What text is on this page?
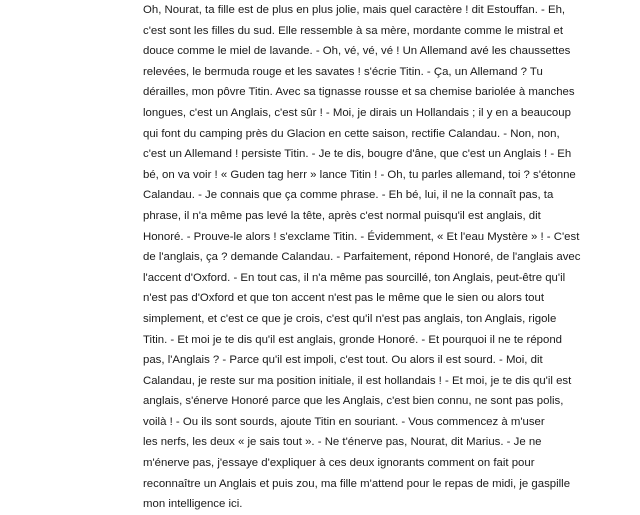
Oh, Nourat, ta fille est de plus en plus jolie, mais quel caractère ! dit Estouffan. - Eh,
c'est sont les filles du sud. Elle ressemble à sa mère, mordante comme le mistral et
douce comme le miel de lavande. - Oh, vé, vé, vé ! Un Allemand avé les chaussettes
relevées, le bermuda rouge et les savates ! s'écrie Titin. - Ça, un Allemand ? Tu
dérailles, mon pôvre Titin. Avec sa tignasse rousse et sa chemise bariolée à manches
longues, c'est un Anglais, c'est sûr ! - Moi, je dirais un Hollandais ; il y en a beaucoup
qui font du camping près du Glacion en cette saison, rectifie Calandau. - Non, non,
c'est un Allemand ! persiste Titin. - Je te dis, bougre d'âne, que c'est un Anglais ! - Eh
bé, on va voir ! « Guden tag herr » lance Titin ! - Oh, tu parles allemand, toi ? s'étonne
Calandau. - Je connais que ça comme phrase. - Eh bé, lui, il ne la connaît pas, ta
phrase, il n'a même pas levé la tête, après c'est normal puisqu'il est anglais, dit
Honoré. - Prouve-le alors ! s'exclame Titin. - Évidemment, « Et l'eau Mystère » ! - C'est
de l'anglais, ça ? demande Calandau. - Parfaitement, répond Honoré, de l'anglais avec
l'accent d'Oxford. - En tout cas, il n'a même pas sourcillé, ton Anglais, peut-être qu'il
n'est pas d'Oxford et que ton accent n'est pas le même que le sien ou alors tout
simplement, et c'est ce que je crois, c'est qu'il n'est pas anglais, ton Anglais, rigole
Titin. - Et moi je te dis qu'il est anglais, gronde Honoré. - Et pourquoi il ne te répond
pas, l'Anglais ? - Parce qu'il est impoli, c'est tout. Ou alors il est sourd. - Moi, dit
Calandau, je reste sur ma position initiale, il est hollandais ! - Et moi, je te dis qu'il est
anglais, s'énerve Honoré parce que les Anglais, c'est bien connu, ne sont pas polis,
voilà ! - Ou ils sont sourds, ajoute Titin en souriant. - Vous commencez à m'user
les nerfs, les deux « je sais tout ». - Ne t'énerve pas, Nourat, dit Marius. - Je ne
m'énerve pas, j'essaye d'expliquer à ces deux ignorants comment on fait pour
reconnaître un Anglais et puis zou, ma fille m'attend pour le repas de midi, je gaspille
mon intelligence ici.
